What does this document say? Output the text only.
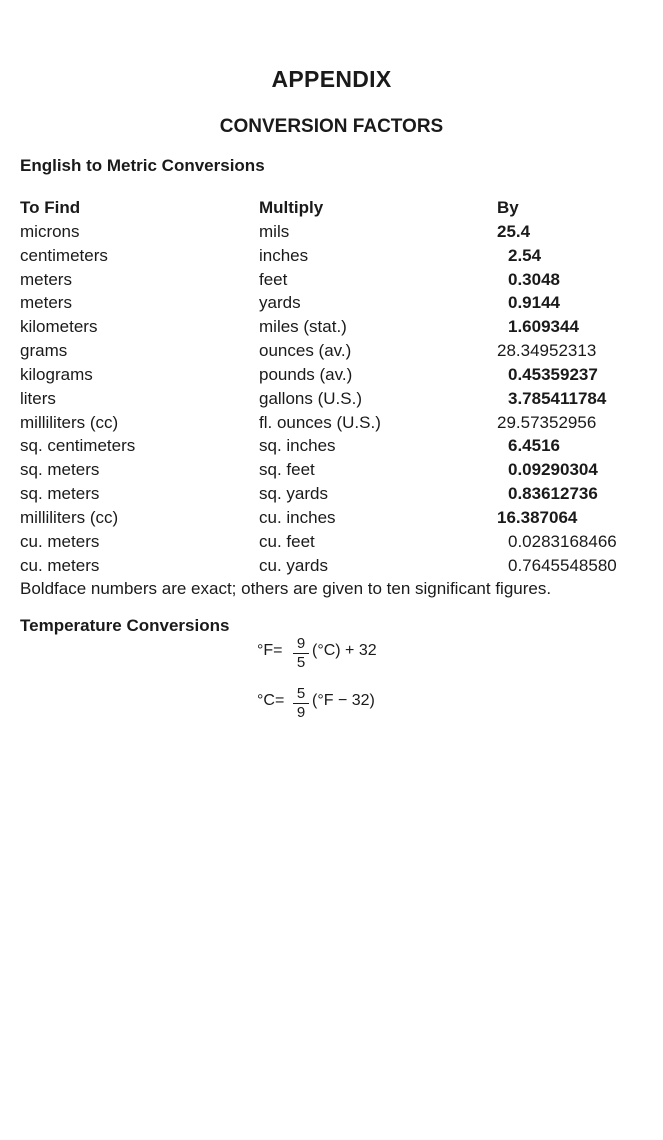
APPENDIX
CONVERSION FACTORS
English to Metric Conversions
To Find	Multiply	By
microns	mils	25.4
centimeters	inches	2.54
meters	feet	0.3048
meters	yards	0.9144
kilometers	miles (stat.)	1.609344
grams	ounces (av.)	28.34952313
kilograms	pounds (av.)	0.45359237
liters	gallons (U.S.)	3.785411784
milliliters (cc)	fl. ounces (U.S.)	29.57352956
sq. centimeters	sq. inches	6.4516
sq. meters	sq. feet	0.09290304
sq. meters	sq. yards	0.83612736
milliliters (cc)	cu. inches	16.387064
cu. meters	cu. feet	0.0283168466
cu. meters	cu. yards	0.7645548580
Boldface numbers are exact; others are given to ten significant figures.
Temperature Conversions
°F= 9
5
(°C) + 32
°C= 5
9
(°F − 32)
